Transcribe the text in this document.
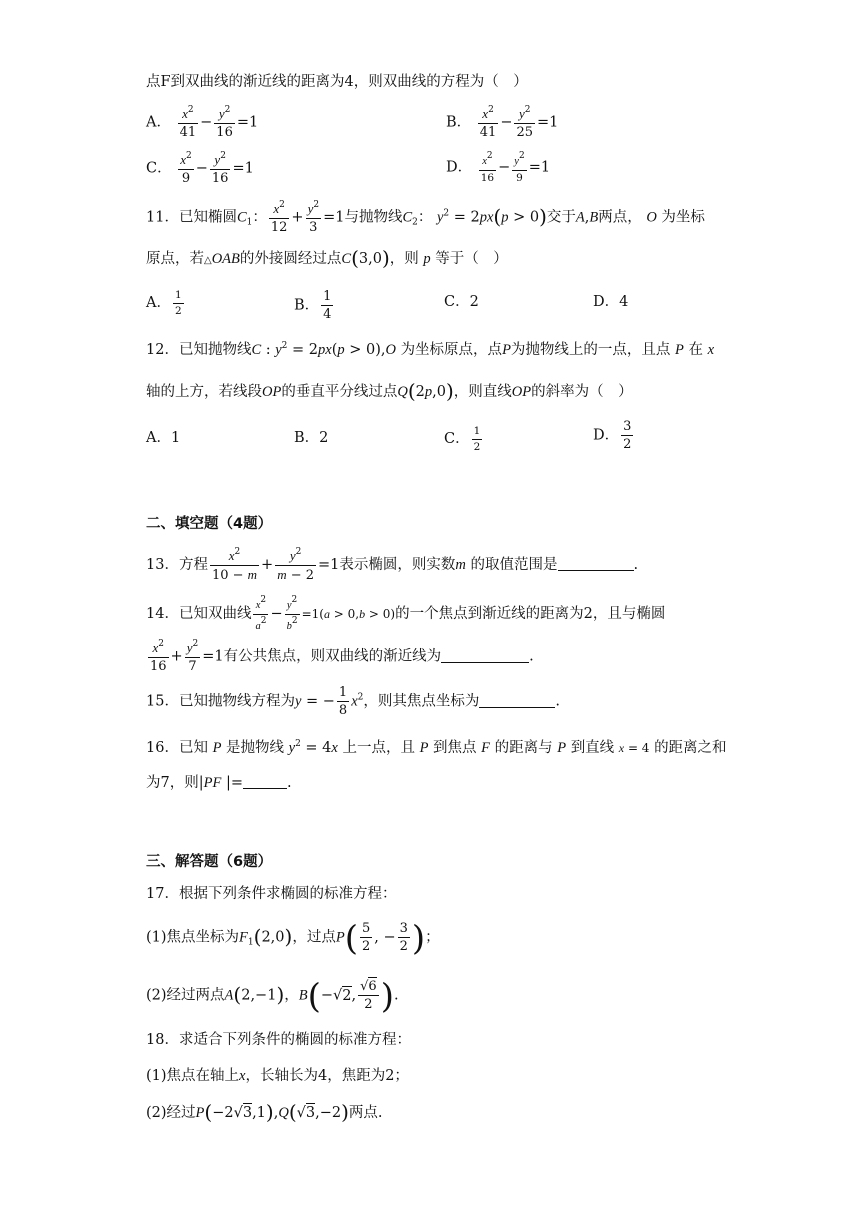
点F到双曲线的渐近线的距离为4，则双曲线的方程为（　）
A． $\frac{x^2}{41} - \frac{y^2}{16} =1$	B． $\frac{x^2}{41} - \frac{y^2}{25} =1$
C． $\frac{x^2}{9} - \frac{y^2}{16} =1$	D． $\frac{x^2}{16} - \frac{y^2}{9} =1$
11．已知椭圆$C_1$： $\frac{x^2}{12} + \frac{y^2}{3} =1$与抛物线$C_2$： $y^2 = 2px(p > 0)$交于A,B两点， O 为坐标
原点，若△OAB的外接圆经过点C(3,0)，则 p 等于（　）
A． $\frac{1}{2}$	B． $\frac{1}{4}$	C．2	D．4
12．已知抛物线C : $y^2 = 2px(p > 0),O$ 为坐标原点，点P为抛物线上的一点，且点 P 在 x
轴的上方，若线段OP的垂直平分线过点Q(2p,0)，则直线OP的斜率为（　）
A．1	B．2	C． $\frac{1}{2}$	D． $\frac{3}{2}$
二、填空题（4题）
13．方程 $\frac{x^2}{10 - m} + \frac{y^2}{m - 2} =1$表示椭圆，则实数m 的取值范围是	.
14．已知双曲线 $\frac{x^2}{a^2} - \frac{y^2}{b^2} =1(a > 0,b > 0)$的一个焦点到渐近线的距离为2，且与椭圆
$\frac{x^2}{16} + \frac{y^2}{7} =1$有公共焦点，则双曲线的渐近线为	.
15．已知抛物线方程为y = − $\frac{1}{8} x^2$，则其焦点坐标为	.
16．已知 P 是抛物线 $y^2 = 4x$ 上一点，且 P 到焦点 F 的距离与 P 到直线 x = 4 的距离之和
为7，则|PF |=	.
三、解答题（6题）
17．根据下列条件求椭圆的标准方程：
(1)焦点坐标为$F_1(2,0)$，过点$P( \frac{5}{2}$ , − $\frac{3}{2}$ )；
(2)经过两点A(2,−1)，B(−√2, $\frac{√6}{2}$ ).
18．求适合下列条件的椭圆的标准方程：
(1)焦点在轴上x，长轴长为4，焦距为2；
(2)经过P(−2√3,1),Q(√3,−2)两点.
